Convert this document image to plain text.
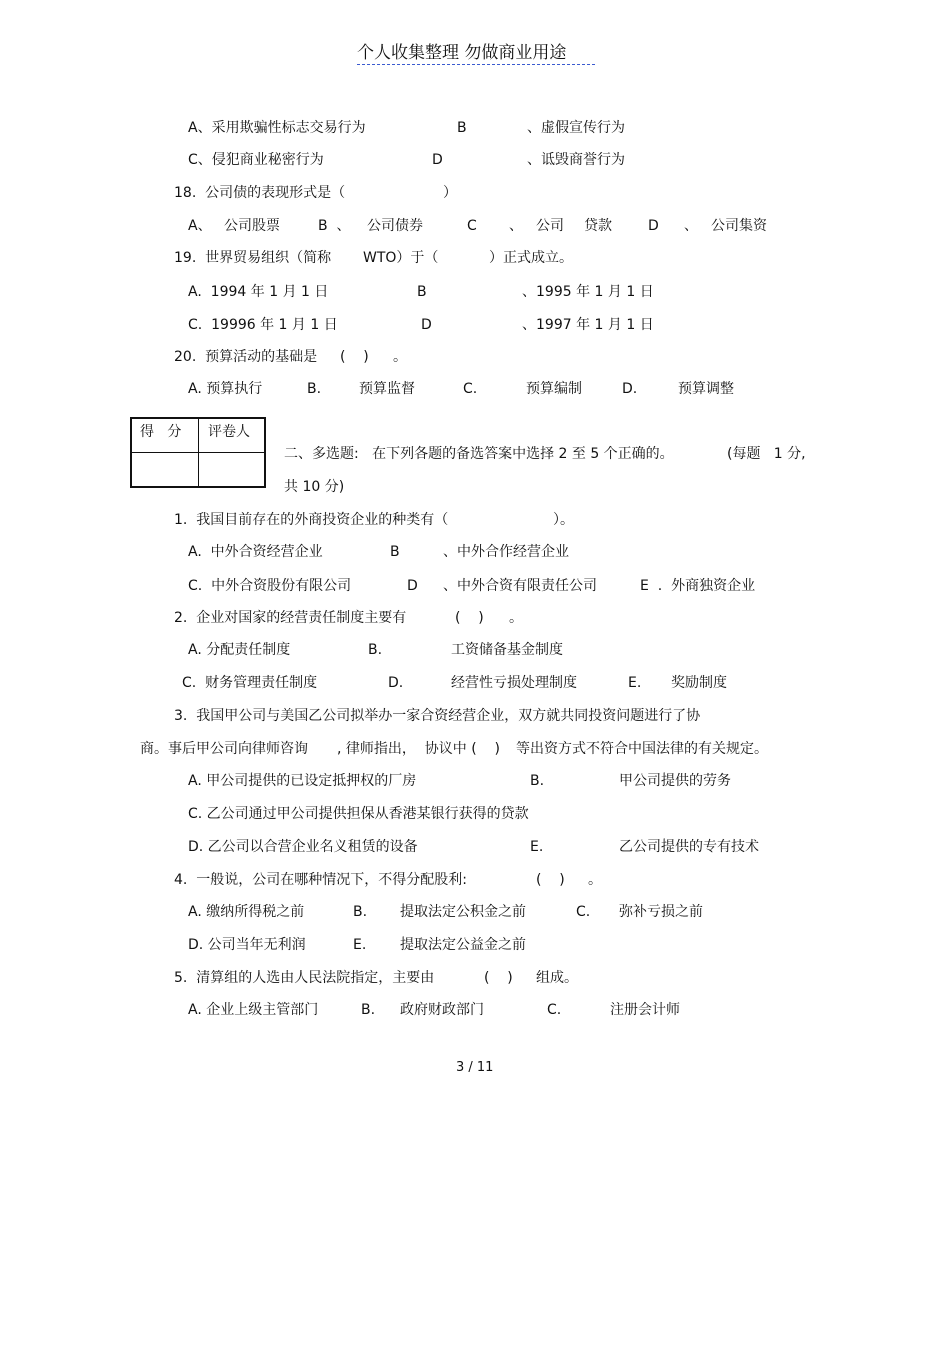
个人收集整理 勿做商业用途
A、采用欺骗性标志交易行为	B	、虚假宣传行为
C、侵犯商业秘密行为	D	、诋毁商誉行为
18.  公司债的表现形式是（	）
A、 公司股票	B  、 公司债券	C 、 公司 贷款	D 、 公司集资
19.  世界贸易组织（简称 WTO）于（	）正式成立。
A.  1994 年 1 月 1 日	B	、1995 年 1 月 1 日
C.  19996 年 1 月 1 日	D	、1997 年 1 月 1 日
20.  预算活动的基础是 (    ) 。
A. 预算执行	B.	预算监督	C.	预算编制	D.	预算调整
得   分 评卷人
二、多选题:   在下列各题的备选答案中选择 2 至 5 个正确的。	(每题   1 分,
共 10 分)
1.  我国目前存在的外商投资企业的种类有（	）。
A.  中外合资经营企业	B	、中外合作经营企业
C.  中外合资股份有限公司	D 、中外合资有限责任公司	E  .  外商独资企业
2.  企业对国家的经营责任制度主要有	(    ) 。
A. 分配责任制度	B.	工资储备基金制度
C.  财务管理责任制度	D.	经营性亏损处理制度	E. 奖励制度
3.  我国甲公司与美国乙公司拟举办一家合资经营企业，双方就共同投资问题进行了协
商。事后甲公司向律师咨询 , 律师指出，  协议中 (    ) 等出资方式不符合中国法律的有关规定。
A. 甲公司提供的已设定抵押权的厂房	B.	甲公司提供的劳务
C. 乙公司通过甲公司提供担保从香港某银行获得的贷款
D. 乙公司以合营企业名义租赁的设备	E.	乙公司提供的专有技术
4.  一般说，公司在哪种情况下，不得分配股利:	(    ) 。
A. 缴纳所得税之前	B. 提取法定公积金之前	C. 弥补亏损之前
D. 公司当年无利润	E. 提取法定公益金之前
5.  清算组的人选由人民法院指定，主要由	(    ) 组成。
A. 企业上级主管部门	B. 政府财政部门	C.	注册会计师
3 / 11
